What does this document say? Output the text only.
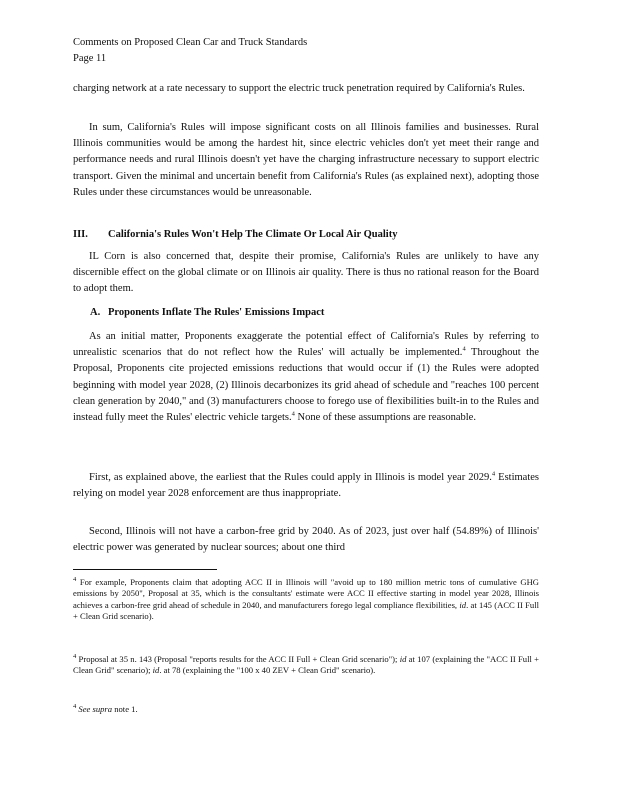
Comments on Proposed Clean Car and Truck Standards
Page 11

charging network at a rate necessary to support the electric truck penetration required by California's Rules.

In sum, California's Rules will impose significant costs on all Illinois families and businesses. Rural Illinois communities would be among the hardest hit, since electric vehicles don't yet meet their range and performance needs and rural Illinois doesn't yet have the charging infrastructure necessary to support electric transport. Given the minimal and uncertain benefit from California's Rules (as explained next), adopting those Rules under these circumstances would be unreasonable.

III. California's Rules Won't Help The Climate Or Local Air Quality

IL Corn is also concerned that, despite their promise, California's Rules are unlikely to have any discernible effect on the global climate or on Illinois air quality. There is thus no rational reason for the Board to adopt them.

A. Proponents Inflate The Rules' Emissions Impact

As an initial matter, Proponents exaggerate the potential effect of California's Rules by referring to unrealistic scenarios that do not reflect how the Rules' will actually be implemented.$^4$ Throughout the Proposal, Proponents cite projected emissions reductions that would occur if (1) the Rules were adopted beginning with model year 2028, (2) Illinois decarbonizes its grid ahead of schedule and "reaches 100 percent clean generation by 2040," and (3) manufacturers choose to forego use of flexibilities built-in to the Rules and instead fully meet the Rules' electric vehicle targets.$^4$ None of these assumptions are reasonable.

First, as explained above, the earliest that the Rules could apply in Illinois is model year 2029.$^4$ Estimates relying on model year 2028 enforcement are thus inappropriate.

Second, Illinois will not have a carbon-free grid by 2040. As of 2023, just over half (54.89%) of Illinois' electric power was generated by nuclear sources; about one third

$^4$ For example, Proponents claim that adopting ACC II in Illinois will "avoid up to 180 million metric tons of cumulative GHG emissions by 2050", Proposal at 35, which is the consultants' estimate were ACC II effective starting in model year 2028, Illinois achieves a carbon-free grid ahead of schedule in 2040, and manufacturers forego legal compliance flexibilities, id. at 145 (ACC II Full + Clean Grid scenario).

$^4$ Proposal at 35 n. 143 (Proposal "reports results for the ACC II Full + Clean Grid scenario"); id at 107 (explaining the "ACC II Full + Clean Grid" scenario); id. at 78 (explaining the "100 x 40 ZEV + Clean Grid" scenario).

$^4$ See supra note 1.
